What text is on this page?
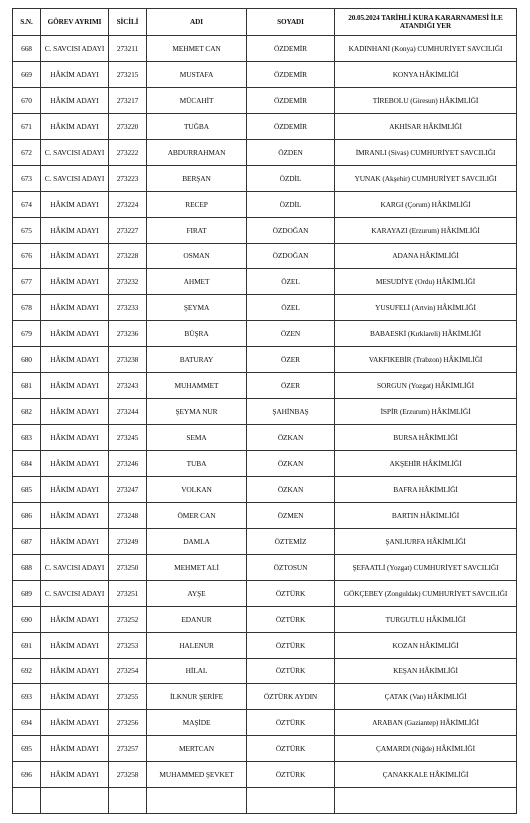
S.N.	GÖREV AYRIMI	SİCİLİ	ADI	SOYADI	20.05.2024 TARİHLİ KURA KARARNAMESİ İLE ATANDIĞI YER
668	C. SAVCISI ADAYI	273211	MEHMET CAN	ÖZDEMİR	KADINHANI (Konya) CUMHURİYET SAVCILIĞI
669	HÂKİM ADAYI	273215	MUSTAFA	ÖZDEMİR	KONYA HÂKİMLİĞİ
670	HÂKİM ADAYI	273217	MÜCAHİT	ÖZDEMİR	TİREBOLU (Giresun) HÂKİMLİĞİ
671	HÂKİM ADAYI	273220	TUĞBA	ÖZDEMİR	AKHİSAR HÂKİMLİĞİ
672	C. SAVCISI ADAYI	273222	ABDURRAHMAN	ÖZDEN	İMRANLI (Sivas) CUMHURİYET SAVCILIĞI
673	C. SAVCISI ADAYI	273223	BERŞAN	ÖZDİL	YUNAK (Akşehir) CUMHURİYET SAVCILIĞI
674	HÂKİM ADAYI	273224	RECEP	ÖZDİL	KARGI (Çorum) HÂKİMLİĞİ
675	HÂKİM ADAYI	273227	FIRAT	ÖZDOĞAN	KARAYAZI (Erzurum) HÂKİMLİĞİ
676	HÂKİM ADAYI	273228	OSMAN	ÖZDOĞAN	ADANA HÂKİMLİĞİ
677	HÂKİM ADAYI	273232	AHMET	ÖZEL	MESUDİYE (Ordu) HÂKİMLİĞİ
678	HÂKİM ADAYI	273233	ŞEYMA	ÖZEL	YUSUFELİ (Artvin) HÂKİMLİĞİ
679	HÂKİM ADAYI	273236	BÜŞRA	ÖZEN	BABAESKİ (Kırklareli) HÂKİMLİĞİ
680	HÂKİM ADAYI	273238	BATURAY	ÖZER	VAKFIKEBİR (Trabzon) HÂKİMLİĞİ
681	HÂKİM ADAYI	273243	MUHAMMET	ÖZER	SORGUN (Yozgat) HÂKİMLİĞİ
682	HÂKİM ADAYI	273244	ŞEYMA NUR	ŞAHİNBAŞ	İSPİR (Erzurum) HÂKİMLİĞİ
683	HÂKİM ADAYI	273245	SEMA	ÖZKAN	BURSA HÂKİMLİĞİ
684	HÂKİM ADAYI	273246	TUBA	ÖZKAN	AKŞEHİR HÂKİMLİĞİ
685	HÂKİM ADAYI	273247	VOLKAN	ÖZKAN	BAFRA HÂKİMLİĞİ
686	HÂKİM ADAYI	273248	ÖMER CAN	ÖZMEN	BARTIN HÂKİMLİĞİ
687	HÂKİM ADAYI	273249	DAMLA	ÖZTEMİZ	ŞANLIURFA HÂKİMLİĞİ
688	C. SAVCISI ADAYI	273250	MEHMET ALİ	ÖZTOSUN	ŞEFAATLİ (Yozgat) CUMHURİYET SAVCILIĞI
689	C. SAVCISI ADAYI	273251	AYŞE	ÖZTÜRK	GÖKÇEBEY (Zonguldak) CUMHURİYET SAVCILIĞI
690	HÂKİM ADAYI	273252	EDANUR	ÖZTÜRK	TURGUTLU HÂKİMLİĞİ
691	HÂKİM ADAYI	273253	HALENUR	ÖZTÜRK	KOZAN HÂKİMLİĞİ
692	HÂKİM ADAYI	273254	HİLAL	ÖZTÜRK	KEŞAN HÂKİMLİĞİ
693	HÂKİM ADAYI	273255	İLKNUR ŞERİFE	ÖZTÜRK AYDIN	ÇATAK (Van) HÂKİMLİĞİ
694	HÂKİM ADAYI	273256	MAŞİDE	ÖZTÜRK	ARABAN (Gaziantep) HÂKİMLİĞİ
695	HÂKİM ADAYI	273257	MERTCAN	ÖZTÜRK	ÇAMARDI (Niğde) HÂKİMLİĞİ
696	HÂKİM ADAYI	273258	MUHAMMED ŞEVKET	ÖZTÜRK	ÇANAKKALE HÂKİMLİĞİ
